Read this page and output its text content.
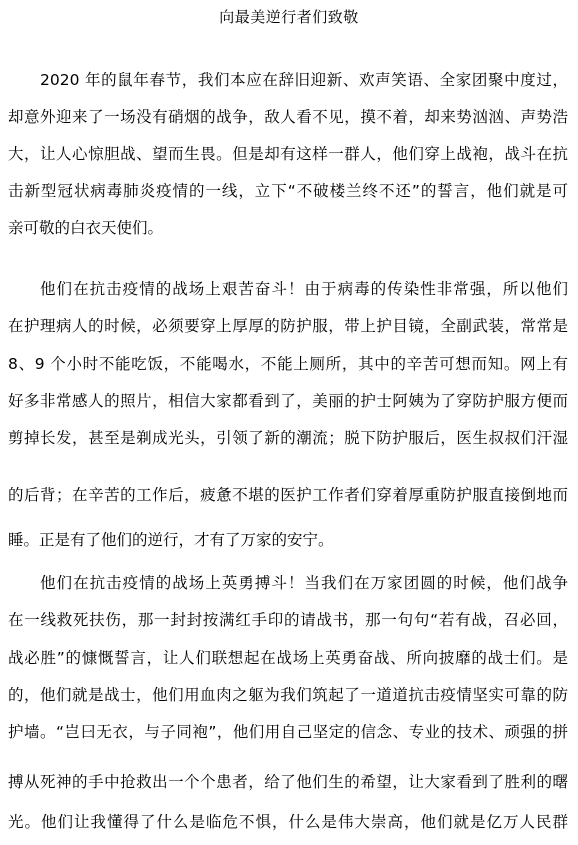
向最美逆行者们致敬
2020 年的鼠年春节，我们本应在辞旧迎新、欢声笑语、全家团聚中度过，
却意外迎来了一场没有硝烟的战争，敌人看不见，摸不着，却来势汹汹、声势浩
大，让人心惊胆战、望而生畏。但是却有这样一群人，他们穿上战袍，战斗在抗
击新型冠状病毒肺炎疫情的一线，立下“不破楼兰终不还”的誓言，他们就是可
亲可敬的白衣天使们。
他们在抗击疫情的战场上艰苦奋斗！由于病毒的传染性非常强，所以他们
在护理病人的时候，必须要穿上厚厚的防护服，带上护目镜，全副武装，常常是
8、9 个小时不能吃饭，不能喝水，不能上厕所，其中的辛苦可想而知。网上有
好多非常感人的照片，相信大家都看到了，美丽的护士阿姨为了穿防护服方便而
剪掉长发，甚至是剃成光头，引领了新的潮流；脱下防护服后，医生叔叔们汗湿
的后背；在辛苦的工作后，疲惫不堪的医护工作者们穿着厚重防护服直接倒地而
睡。正是有了他们的逆行，才有了万家的安宁。
他们在抗击疫情的战场上英勇搏斗！当我们在万家团圆的时候，他们战争
在一线救死扶伤，那一封封按满红手印的请战书，那一句句“若有战，召必回，
战必胜”的慷慨誓言，让人们联想起在战场上英勇奋战、所向披靡的战士们。是
的，他们就是战士，他们用血肉之躯为我们筑起了一道道抗击疫情坚实可靠的防
护墙。“岂曰无衣，与子同袍”，他们用自己坚定的信念、专业的技术、顽强的拼
搏从死神的手中抢救出一个个患者，给了他们生的希望，让大家看到了胜利的曙
光。他们让我懂得了什么是临危不惧，什么是伟大崇高，他们就是亿万人民群
